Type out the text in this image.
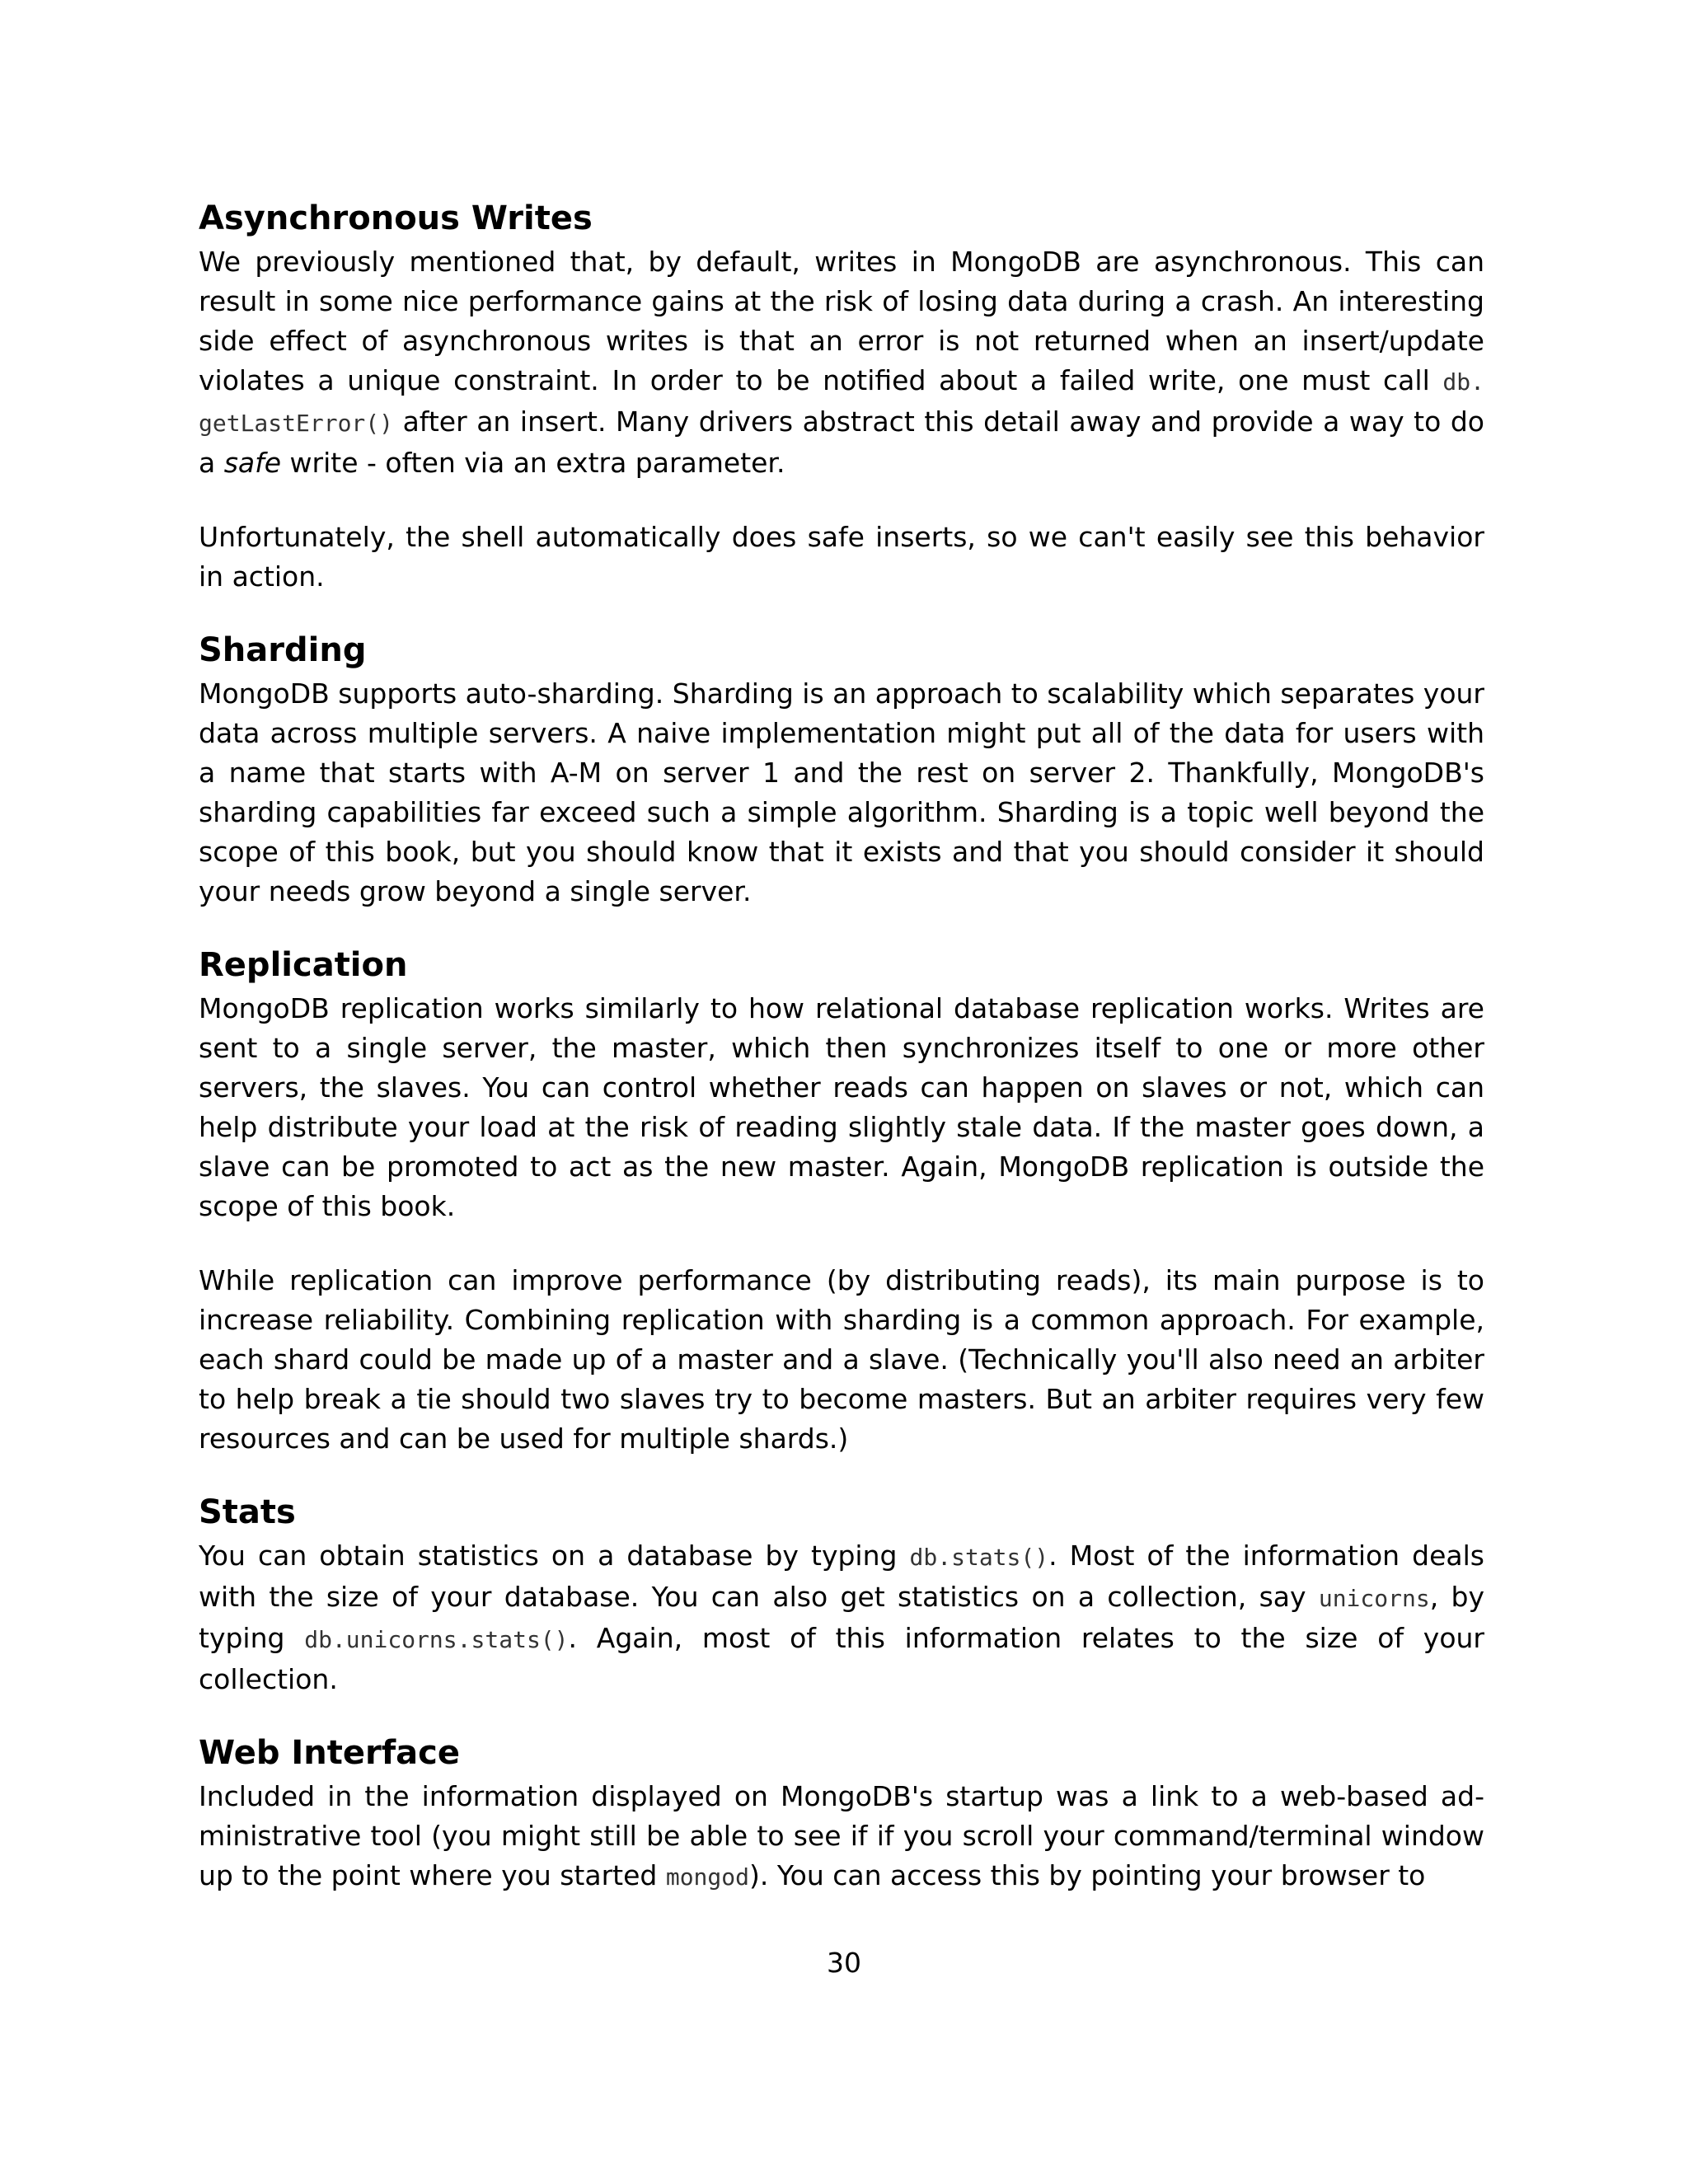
Asynchronous Writes

We previously mentioned that, by default, writes in MongoDB are asynchronous. This can result in some nice performance gains at the risk of losing data during a crash. An interesting side effect of asynchronous writes is that an error is not returned when an insert/update violates a unique constraint. In order to be notified about a failed write, one must call db.getLastError() after an insert. Many drivers abstract this detail away and provide a way to do a safe write - often via an extra parameter.

Unfortunately, the shell automatically does safe inserts, so we can't easily see this behavior in action.

Sharding

MongoDB supports auto-sharding. Sharding is an approach to scalability which separates your data across multiple servers. A naive implementation might put all of the data for users with a name that starts with A-M on server 1 and the rest on server 2. Thankfully, MongoDB's sharding capabilities far exceed such a simple algorithm. Sharding is a topic well beyond the scope of this book, but you should know that it exists and that you should consider it should your needs grow beyond a single server.

Replication

MongoDB replication works similarly to how relational database replication works. Writes are sent to a single server, the master, which then synchronizes itself to one or more other servers, the slaves. You can control whether reads can happen on slaves or not, which can help distribute your load at the risk of reading slightly stale data. If the master goes down, a slave can be promoted to act as the new master. Again, MongoDB replication is outside the scope of this book.

While replication can improve performance (by distributing reads), its main purpose is to increase reliability. Combining replication with sharding is a common approach. For example, each shard could be made up of a master and a slave. (Technically you'll also need an arbiter to help break a tie should two slaves try to become masters. But an arbiter requires very few resources and can be used for multiple shards.)

Stats

You can obtain statistics on a database by typing db.stats(). Most of the information deals with the size of your database. You can also get statistics on a collection, say unicorns, by typing db.unicorns.stats(). Again, most of this information relates to the size of your collection.

Web Interface

Included in the information displayed on MongoDB's startup was a link to a web-based administrative tool (you might still be able to see if if you scroll your command/terminal window up to the point where you started mongod). You can access this by pointing your browser to

30
